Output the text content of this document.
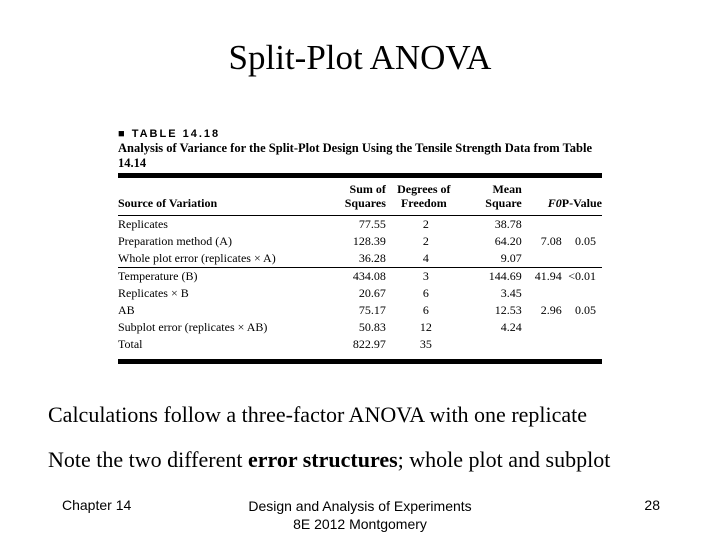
Split-Plot ANOVA
■ TABLE 14.18
Analysis of Variance for the Split-Plot Design Using the Tensile Strength Data from Table 14.14
Source of Variation	Sum of Squares	Degrees of Freedom	Mean Square	F0	P-Value

Replicates	77.55	2	38.78		
Preparation method (A)	128.39	2	64.20	7.08	0.05
Whole plot error (replicates × A)	36.28	4	9.07		

Temperature (B)	434.08	3	144.69	41.94	<0.01
Replicates × B	20.67	6	3.45		
AB	75.17	6	12.53	2.96	0.05
Subplot error (replicates × AB)	50.83	12	4.24		
Total	822.97	35			
Calculations follow a three-factor ANOVA with one replicate
Note the two different error structures; whole plot and subplot
Chapter 14	Design and Analysis of Experiments
8E 2012 Montgomery
28
